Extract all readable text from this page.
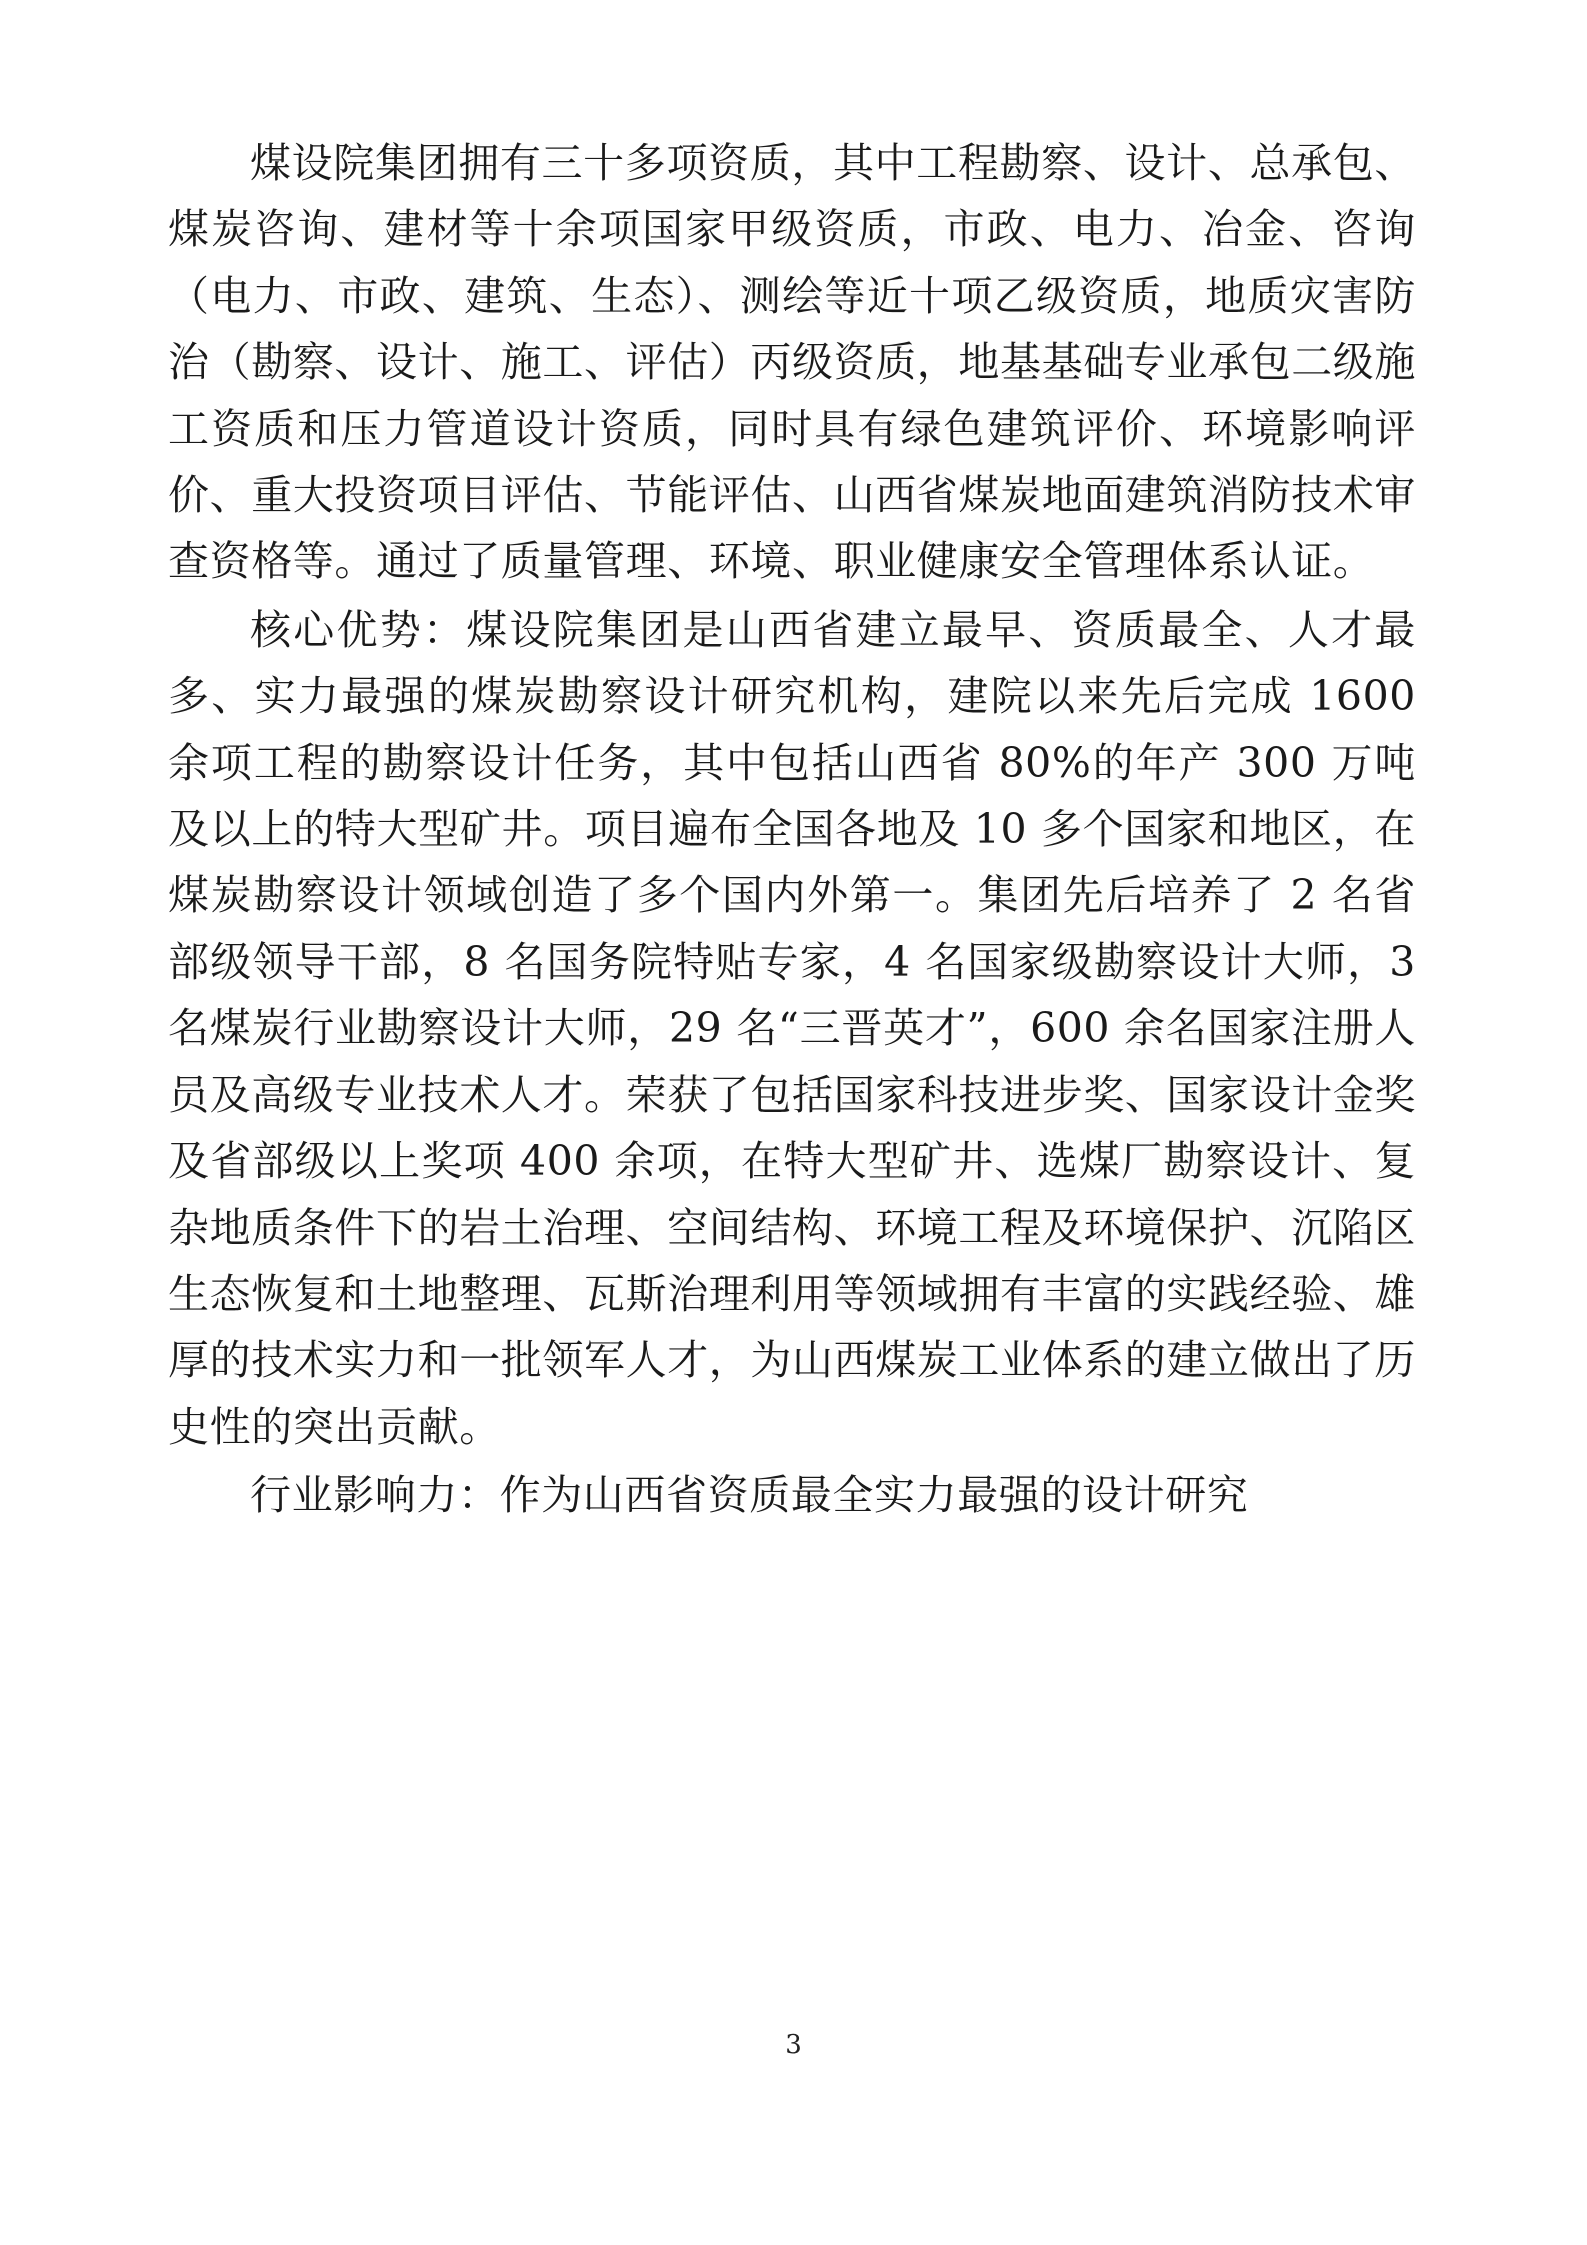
煤设院集团拥有三十多项资质，其中工程勘察、设计、总承包、煤炭咨询、建材等十余项国家甲级资质，市政、电力、冶金、咨询（电力、市政、建筑、生态）、测绘等近十项乙级资质，地质灾害防治（勘察、设计、施工、评估）丙级资质，地基基础专业承包二级施工资质和压力管道设计资质，同时具有绿色建筑评价、环境影响评价、重大投资项目评估、节能评估、山西省煤炭地面建筑消防技术审查资格等。通过了质量管理、环境、职业健康安全管理体系认证。

核心优势：煤设院集团是山西省建立最早、资质最全、人才最多、实力最强的煤炭勘察设计研究机构，建院以来先后完成 1600 余项工程的勘察设计任务，其中包括山西省 80%的年产 300 万吨及以上的特大型矿井。项目遍布全国各地及 10 多个国家和地区，在煤炭勘察设计领域创造了多个国内外第一。集团先后培养了 2 名省部级领导干部，8 名国务院特贴专家，4 名国家级勘察设计大师，3 名煤炭行业勘察设计大师，29 名“三晋英才”，600 余名国家注册人员及高级专业技术人才。荣获了包括国家科技进步奖、国家设计金奖及省部级以上奖项 400 余项，在特大型矿井、选煤厂勘察设计、复杂地质条件下的岩土治理、空间结构、环境工程及环境保护、沉陷区生态恢复和土地整理、瓦斯治理利用等领域拥有丰富的实践经验、雄厚的技术实力和一批领军人才，为山西煤炭工业体系的建立做出了历史性的突出贡献。

行业影响力：作为山西省资质最全实力最强的设计研究

3
